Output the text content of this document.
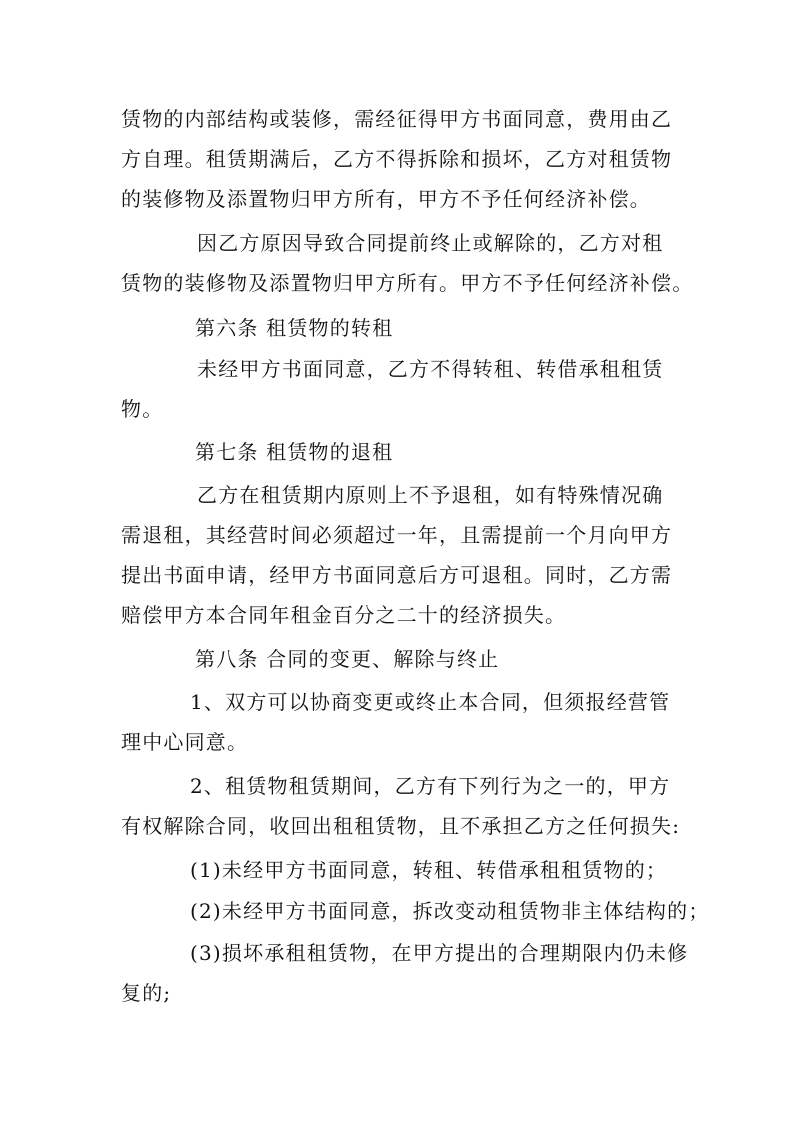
赁物的内部结构或装修，需经征得甲方书面同意，费用由乙
方自理。租赁期满后，乙方不得拆除和损坏，乙方对租赁物
的装修物及添置物归甲方所有，甲方不予任何经济补偿。
因乙方原因导致合同提前终止或解除的，乙方对租
赁物的装修物及添置物归甲方所有。甲方不予任何经济补偿。
第六条 租赁物的转租
未经甲方书面同意，乙方不得转租、转借承租租赁
物。
第七条 租赁物的退租
乙方在租赁期内原则上不予退租，如有特殊情况确
需退租，其经营时间必须超过一年，且需提前一个月向甲方
提出书面申请，经甲方书面同意后方可退租。同时，乙方需
赔偿甲方本合同年租金百分之二十的经济损失。
第八条 合同的变更、解除与终止
1、双方可以协商变更或终止本合同，但须报经营管
理中心同意。
2、租赁物租赁期间，乙方有下列行为之一的，甲方
有权解除合同，收回出租租赁物，且不承担乙方之任何损失:
(1)未经甲方书面同意，转租、转借承租租赁物的；
(2)未经甲方书面同意，拆改变动租赁物非主体结构的；
(3)损坏承租租赁物，在甲方提出的合理期限内仍未修
复的;
